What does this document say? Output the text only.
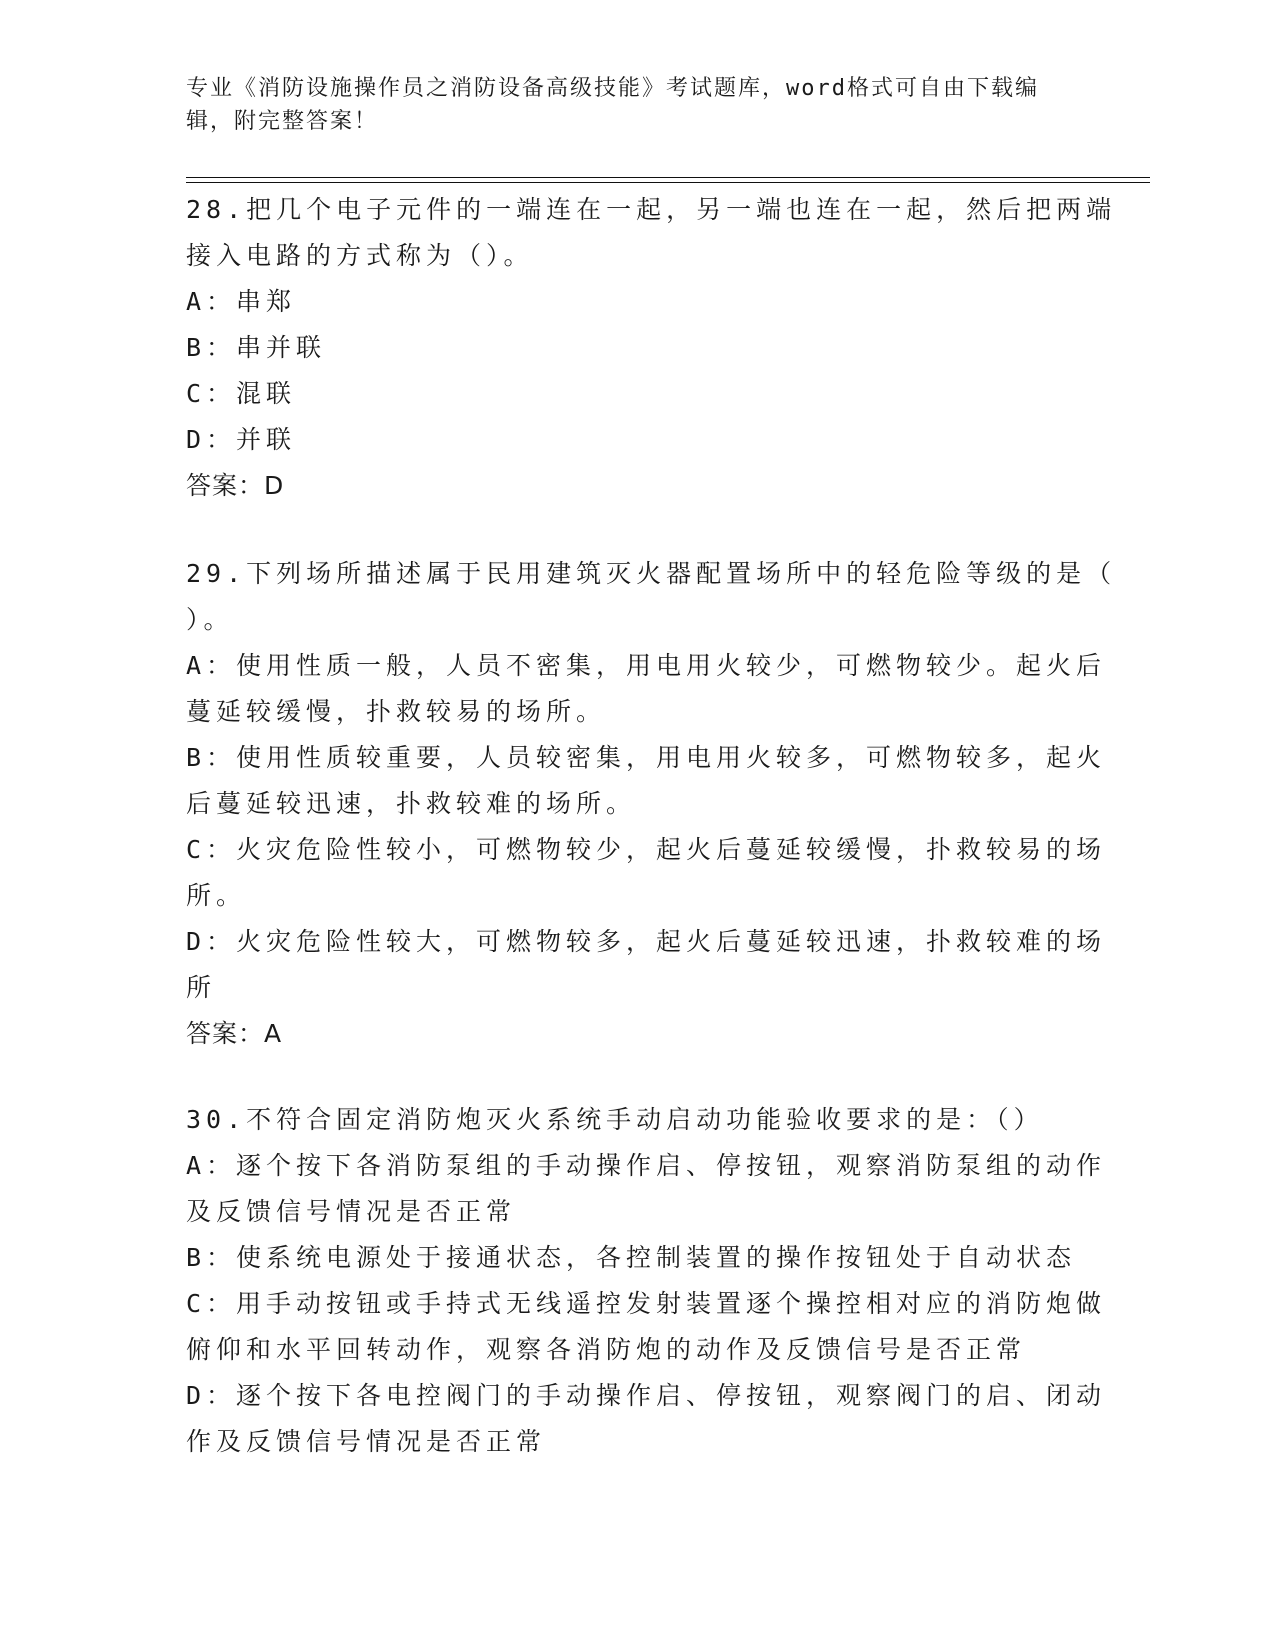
专业《消防设施操作员之消防设备高级技能》考试题库，word格式可自由下载编
辑，附完整答案！
28.把几个电子元件的一端连在一起，另一端也连在一起，然后把两端
接入电路的方式称为（）。
A：串郑
B：串并联
C：混联
D：并联
答案：D
29.下列场所描述属于民用建筑灭火器配置场所中的轻危险等级的是（
）。
A：使用性质一般，人员不密集，用电用火较少，可燃物较少。起火后
蔓延较缓慢，扑救较易的场所。
B：使用性质较重要，人员较密集，用电用火较多，可燃物较多，起火
后蔓延较迅速，扑救较难的场所。
C：火灾危险性较小，可燃物较少，起火后蔓延较缓慢，扑救较易的场
所。
D：火灾危险性较大，可燃物较多，起火后蔓延较迅速，扑救较难的场
所
答案：A
30.不符合固定消防炮灭火系统手动启动功能验收要求的是：（）
A：逐个按下各消防泵组的手动操作启、停按钮，观察消防泵组的动作
及反馈信号情况是否正常
B：使系统电源处于接通状态，各控制装置的操作按钮处于自动状态
C：用手动按钮或手持式无线遥控发射装置逐个操控相对应的消防炮做
俯仰和水平回转动作，观察各消防炮的动作及反馈信号是否正常
D：逐个按下各电控阀门的手动操作启、停按钮，观察阀门的启、闭动
作及反馈信号情况是否正常
